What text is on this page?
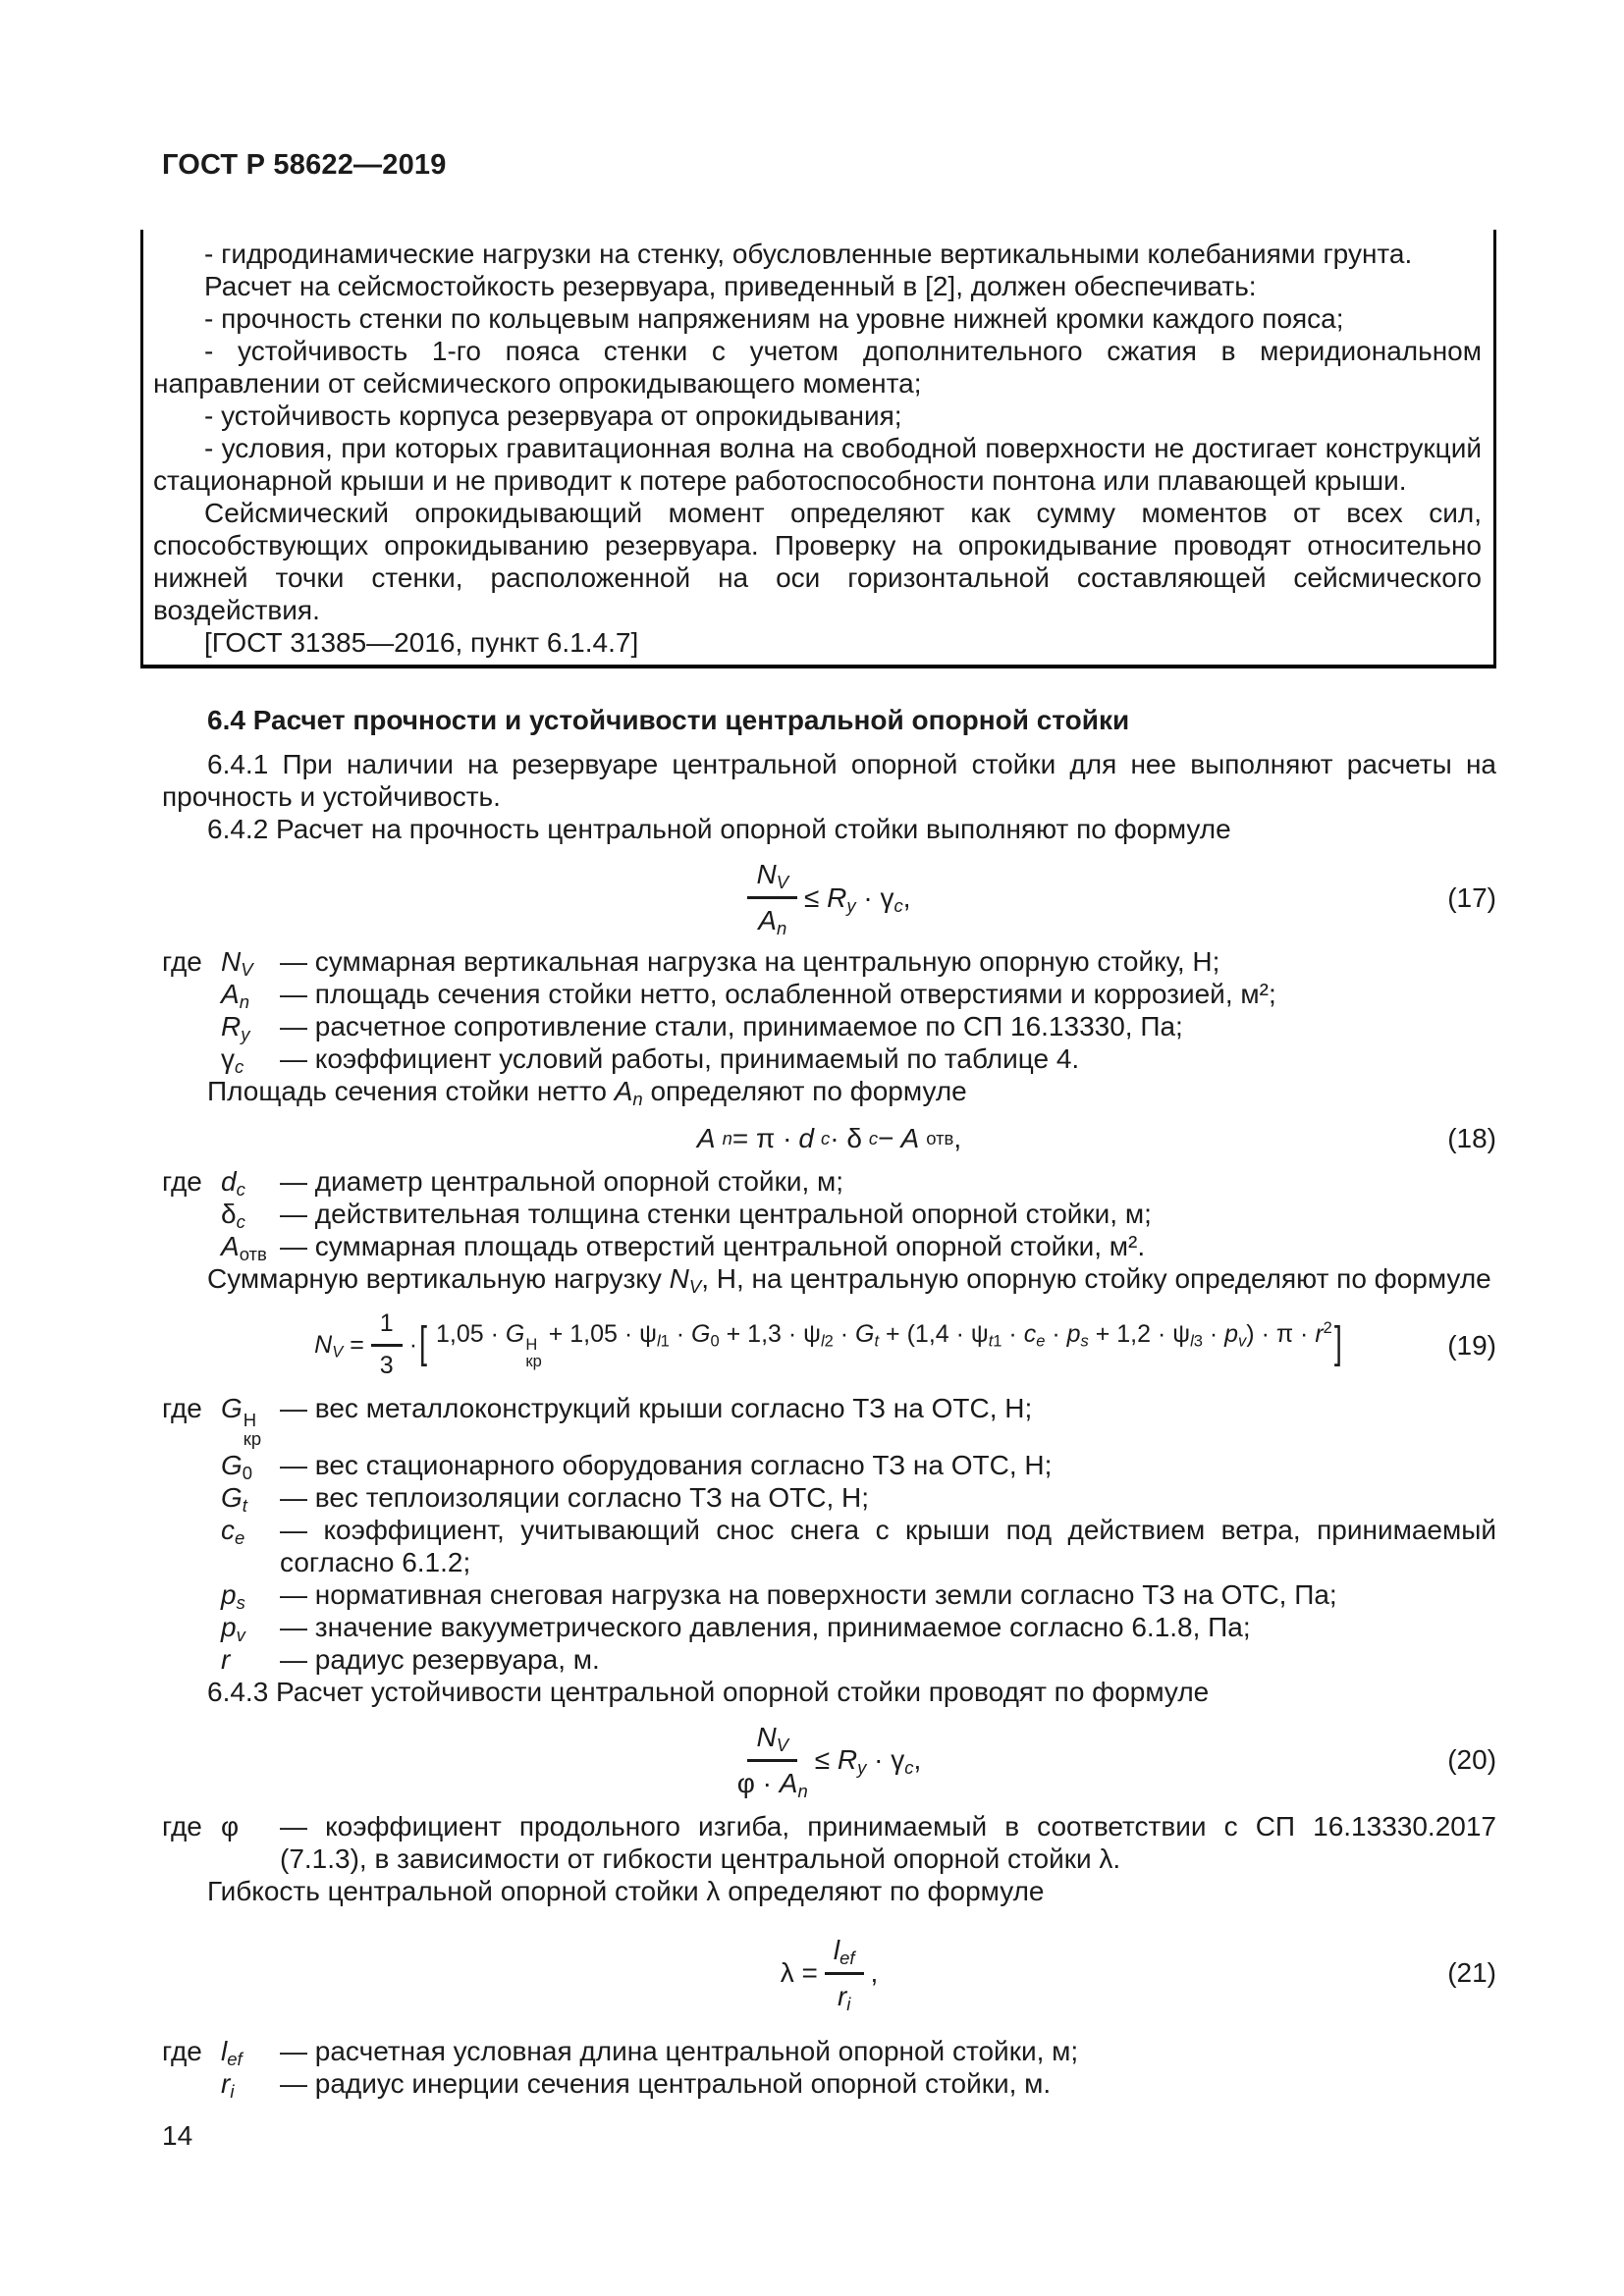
ГОСТ Р 58622—2019

- гидродинамические нагрузки на стенку, обусловленные вертикальными колебаниями грунта.

Расчет на сейсмостойкость резервуара, приведенный в [2], должен обеспечивать:

- прочность стенки по кольцевым напряжениям на уровне нижней кромки каждого пояса;

- устойчивость 1-го пояса стенки с учетом дополнительного сжатия в меридиональном направлении от сейсмического опрокидывающего момента;

- устойчивость корпуса резервуара от опрокидывания;

- условия, при которых гравитационная волна на свободной поверхности не достигает конструкций стационарной крыши и не приводит к потере работоспособности понтона или плавающей крыши.

Сейсмический опрокидывающий момент определяют как сумму моментов от всех сил, способствующих опрокидыванию резервуара. Проверку на опрокидывание проводят относительно нижней точки стенки, расположенной на оси горизонтальной составляющей сейсмического воздействия.

[ГОСТ 31385—2016, пункт 6.1.4.7]

6.4 Расчет прочности и устойчивости центральной опорной стойки

6.4.1 При наличии на резервуаре центральной опорной стойки для нее выполняют расчеты на прочность и устойчивость.

6.4.2 Расчет на прочность центральной опорной стойки выполняют по формуле

$\frac{N_V}{A_n} \le R_y \cdot \gamma_c$,	(17)
где $N_V$ — суммарная вертикальная нагрузка на центральную опорную стойку, Н;
$A_n$	— площадь сечения стойки нетто, ослабленной отверстиями и коррозией, м²;
$R_y$	— расчетное сопротивление стали, принимаемое по СП 16.13330, Па;
$\gamma_c$	— коэффициент условий работы, принимаемый по таблице 4.

Площадь сечения стойки нетто $A_n$ определяют по формуле

A n = π · d c · δ c − A отв ,	(18)
где $d_c$	— диаметр центральной опорной стойки, м;
$\delta_c$	— действительная толщина стенки центральной опорной стойки, м;
$A_{отв}$ — суммарная площадь отверстий центральной опорной стойки, м².

Суммарную вертикальную нагрузку $N_V$, Н, на центральную опорную стойку определяют по формуле

$N_V = \frac{1}{3}$ · [ 1,05 · G Н
кр
+ $1,05 \cdot \psi_{l1} \cdot G_0 + 1,3 \cdot \psi_{l2} \cdot G_t + (1,4 \cdot \psi_{t1} \cdot c_e \cdot p_s + 1,2 \cdot \psi_{l3} \cdot p_v) \cdot \pi \cdot r^2$ ]	(19)
где G Н
кр
— вес металлоконструкций крыши согласно ТЗ на ОТС, Н;
$G_0$ — вес стационарного оборудования согласно ТЗ на ОТС, Н;
$G_t$	— вес теплоизоляции согласно ТЗ на ОТС, Н;
$c_e$	— коэффициент, учитывающий снос снега с крыши под действием ветра, принимаемый согласно 6.1.2;
$p_s$	— нормативная снеговая нагрузка на поверхности земли согласно ТЗ на ОТС, Па;
$p_v$	— значение вакууметрического давления, принимаемое согласно 6.1.8, Па;
r	— радиус резервуара, м.

6.4.3 Расчет устойчивости центральной опорной стойки проводят по формуле

$\frac{N_V}{\varphi \cdot A_n} \le R_y \cdot \gamma_c$,	(20)
где φ	— коэффициент продольного изгиба, принимаемый в соответствии с СП 16.13330.2017 (7.1.3), в зависимости от гибкости центральной опорной стойки λ.

Гибкость центральной опорной стойки λ определяют по формуле

$\lambda = \frac{l_{ef}}{r_i}$ ,	(21)
где $l_{ef}$	— расчетная условная длина центральной опорной стойки, м;
$r_i$	— радиус инерции сечения центральной опорной стойки, м.
14
